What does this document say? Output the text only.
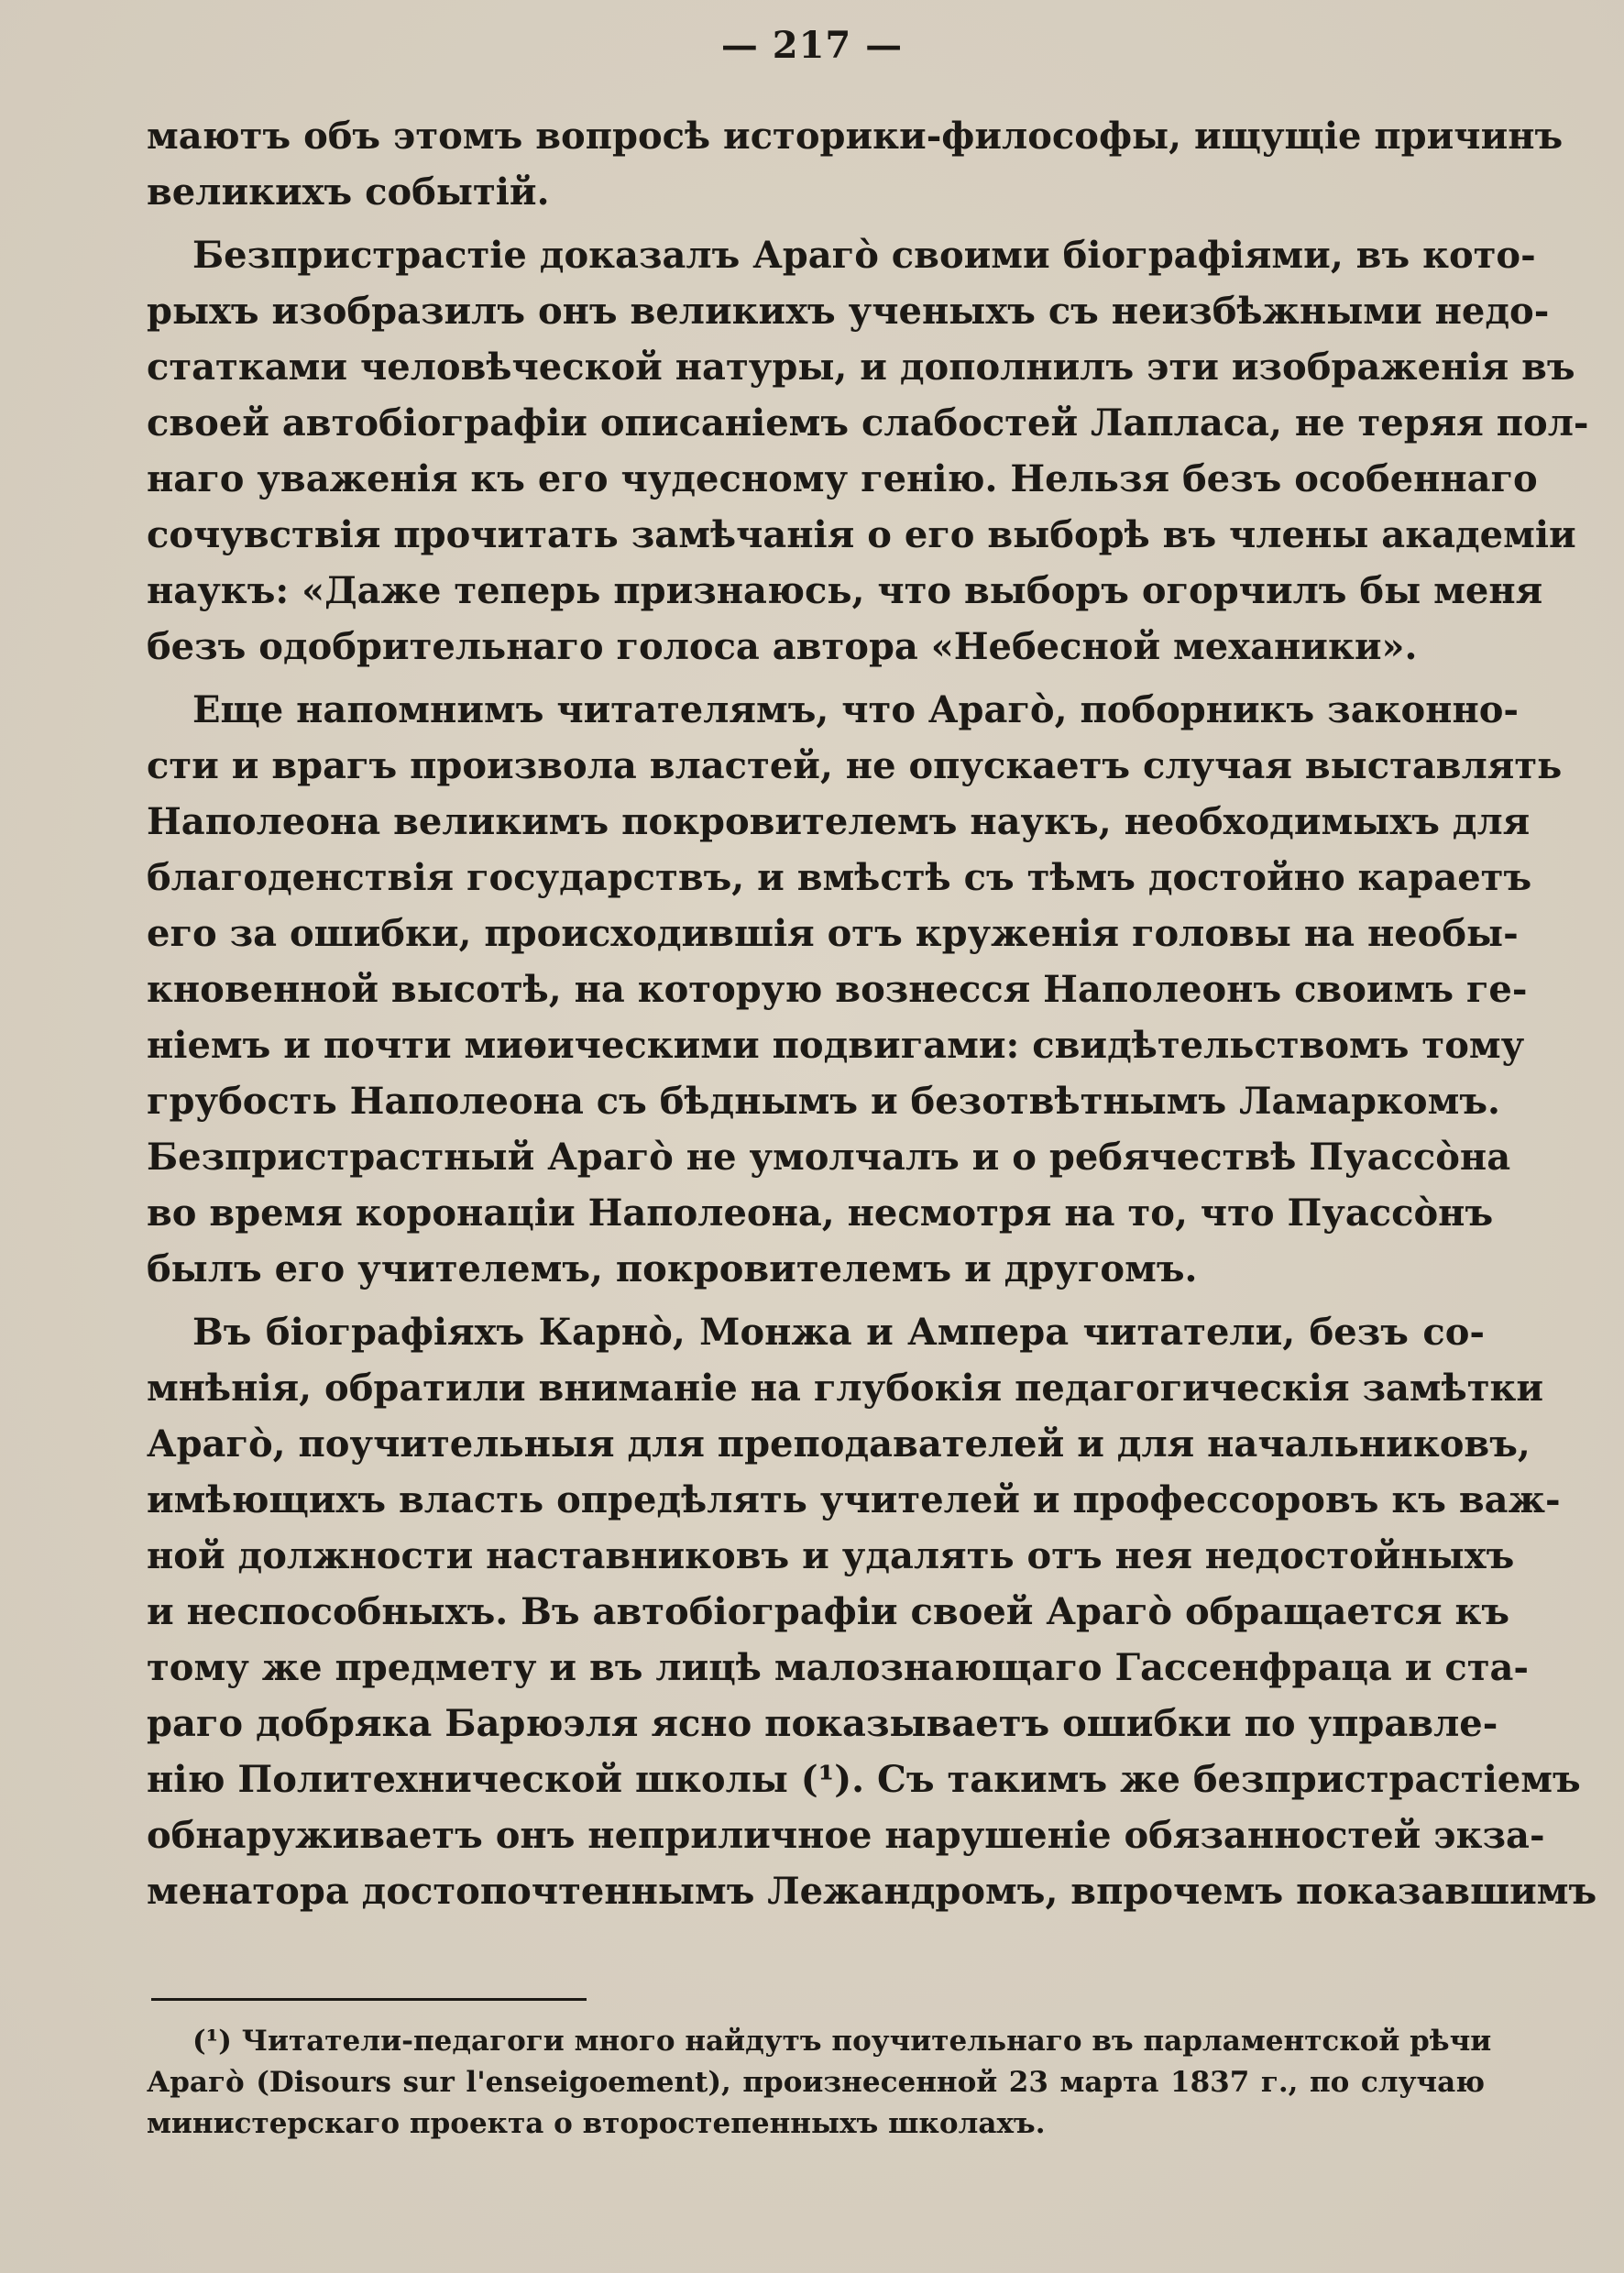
— 217 —
маютъ объ этомъ вопросѣ историки-философы, ищущіе причинъ
великихъ событій.
Безпристрастіе доказалъ Араго̀ своими біографіями, въ кото-
рыхъ изобразилъ онъ великихъ ученыхъ съ неизбѣжными недо-
статками человѣческой натуры, и дополнилъ эти изображенія въ
своей автобіографіи описаніемъ слабостей Лапласа, не теряя пол-
наго уваженія къ его чудесному генію. Нельзя безъ особеннаго
сочувствія прочитать замѣчанія о его выборѣ въ члены академіи
наукъ: «Даже теперь признаюсь, что выборъ огорчилъ бы меня
безъ одобрительнаго голоса автора «Небесной механики».
Еще напомнимъ читателямъ, что Араго̀, поборникъ законно-
сти и врагъ произвола властей, не опускаетъ случая выставлять
Наполеона великимъ покровителемъ наукъ, необходимыхъ для
благоденствія государствъ, и вмѣстѣ съ тѣмъ достойно караетъ
его за ошибки, происходившія отъ круженія головы на необы-
кновенной высотѣ, на которую вознесся Наполеонъ своимъ ге-
ніемъ и почти миѳическими подвигами: свидѣтельствомъ тому
грубость Наполеона съ бѣднымъ и безотвѣтнымъ Ламаркомъ.
Безпристрастный Араго̀ не умолчалъ и о ребячествѣ Пуассо̀на
во время коронаціи Наполеона, несмотря на то, что Пуассо̀нъ
былъ его учителемъ, покровителемъ и другомъ.
Въ біографіяхъ Карно̀, Монжа и Ампера читатели, безъ со-
мнѣнія, обратили вниманіе на глубокія педагогическія замѣтки
Араго̀, поучительныя для преподавателей и для начальниковъ,
имѣющихъ власть опредѣлять учителей и профессоровъ къ важ-
ной должности наставниковъ и удалять отъ нея недостойныхъ
и неспособныхъ. Въ автобіографіи своей Араго̀ обращается къ
тому же предмету и въ лицѣ малознающаго Гассенфраца и ста-
раго добряка Барюэля ясно показываетъ ошибки по управле-
нію Политехнической школы (¹). Съ такимъ же безпристрастіемъ
обнаруживаетъ онъ неприличное нарушеніе обязанностей экза-
менатора достопочтеннымъ Лежандромъ, впрочемъ показавшимъ
(¹) Читатели-педагоги много найдутъ поучительнаго въ парламентской рѣчи
Араго̀ (Disours sur l'enseigoement), произнесенной 23 марта 1837 г., по случаю
министерскаго проекта о второстепенныхъ школахъ.
